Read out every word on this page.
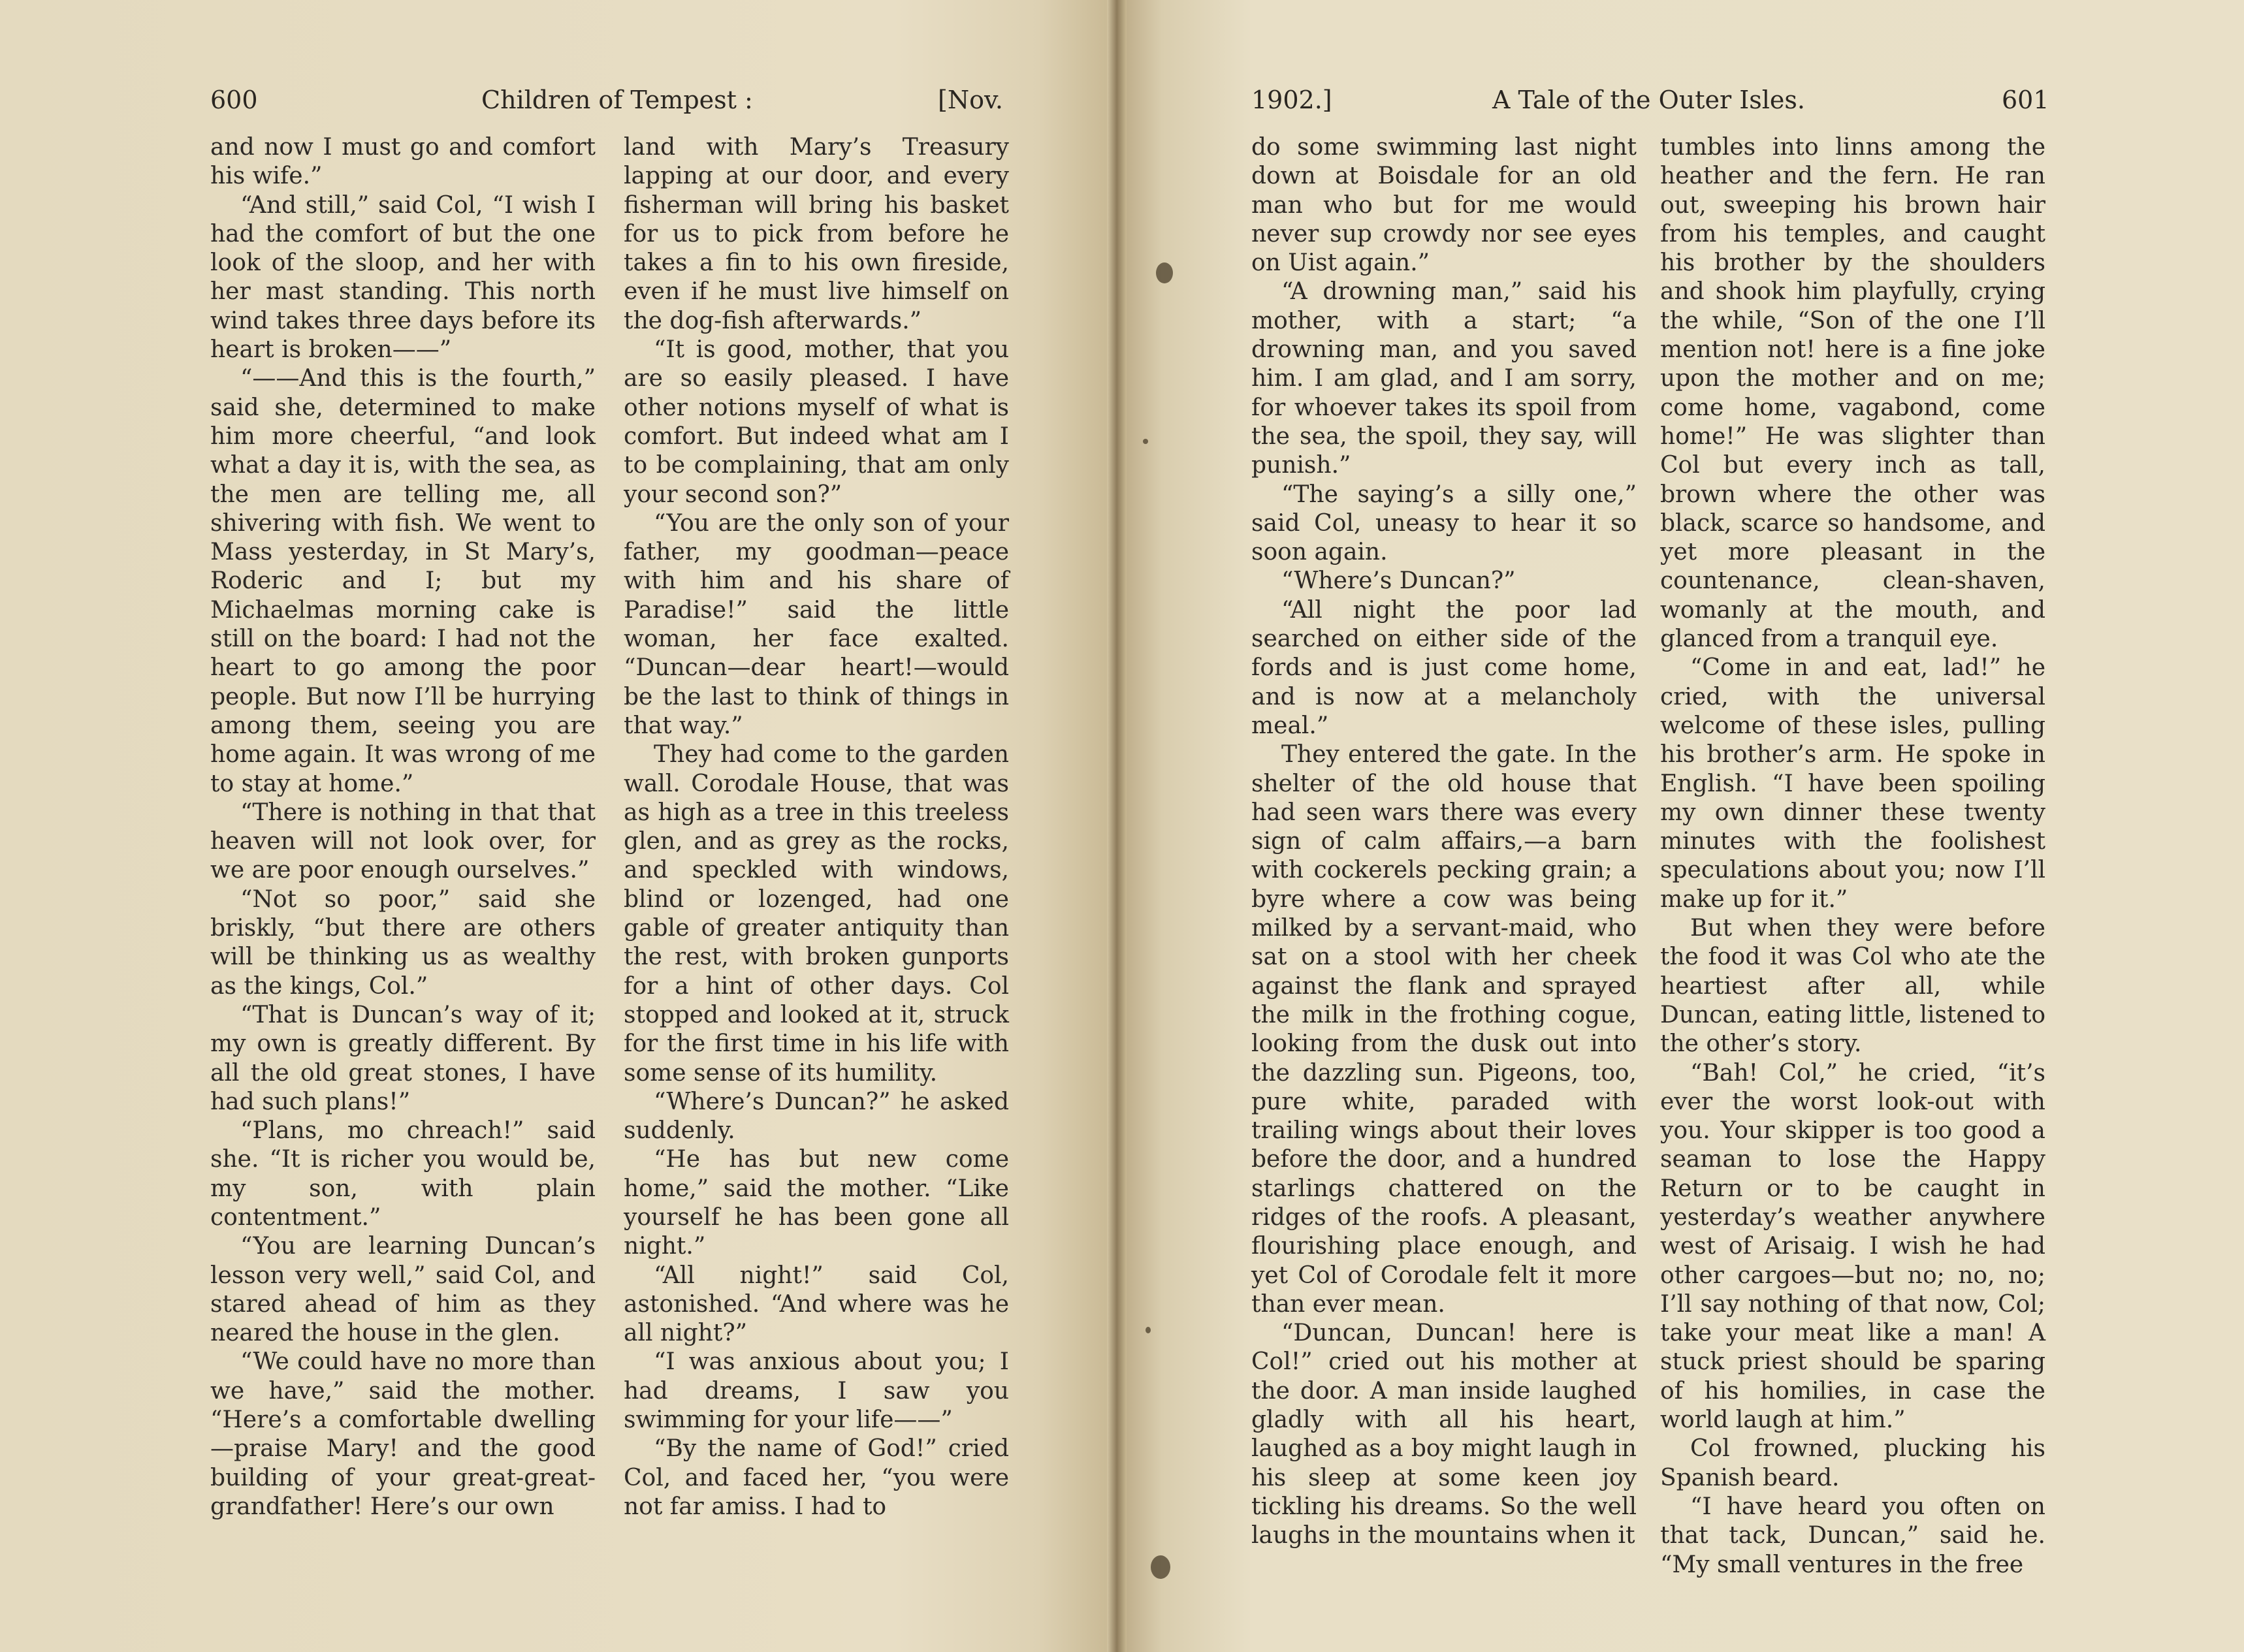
600	Children of Tempest :	[Nov.

and now I must go and comfort his wife.”

“And still,” said Col, “I wish I had the comfort of but the one look of the sloop, and her with her mast standing. This north wind takes three days before its heart is broken——”

“——And this is the fourth,” said she, determined to make him more cheerful, “and look what a day it is, with the sea, as the men are telling me, all shivering with fish. We went to Mass yesterday, in St Mary’s, Roderic and I; but my Michaelmas morning cake is still on the board: I had not the heart to go among the poor people. But now I’ll be hurrying among them, seeing you are home again. It was wrong of me to stay at home.”

“There is nothing in that that heaven will not look over, for we are poor enough ourselves.”

“Not so poor,” said she briskly, “but there are others will be thinking us as wealthy as the kings, Col.”

“That is Duncan’s way of it; my own is greatly different. By all the old great stones, I have had such plans!”

“Plans, mo chreach!” said she. “It is richer you would be, my son, with plain contentment.”

“You are learning Duncan’s lesson very well,” said Col, and stared ahead of him as they neared the house in the glen.

“We could have no more than we have,” said the mother. “Here’s a comfortable dwelling —praise Mary! and the good building of your great-great-grandfather! Here’s our own

land with Mary’s Treasury lapping at our door, and every fisherman will bring his basket for us to pick from before he takes a fin to his own fireside, even if he must live himself on the dog-fish afterwards.”

“It is good, mother, that you are so easily pleased. I have other notions myself of what is comfort. But indeed what am I to be complaining, that am only your second son?”

“You are the only son of your father, my goodman—peace with him and his share of Paradise!” said the little woman, her face exalted. “Duncan—dear heart!—would be the last to think of things in that way.”

They had come to the garden wall. Corodale House, that was as high as a tree in this treeless glen, and as grey as the rocks, and speckled with windows, blind or lozenged, had one gable of greater antiquity than the rest, with broken gunports for a hint of other days. Col stopped and looked at it, struck for the first time in his life with some sense of its humility.

“Where’s Duncan?” he asked suddenly.

“He has but new come home,” said the mother. “Like yourself he has been gone all night.”

“All night!” said Col, astonished. “And where was he all night?”

“I was anxious about you; I had dreams, I saw you swimming for your life——”

“By the name of God!” cried Col, and faced her, “you were not far amiss. I had to

1902.]	A Tale of the Outer Isles.	601

do some swimming last night down at Boisdale for an old man who but for me would never sup crowdy nor see eyes on Uist again.”

“A drowning man,” said his mother, with a start; “a drowning man, and you saved him. I am glad, and I am sorry, for whoever takes its spoil from the sea, the spoil, they say, will punish.”

“The saying’s a silly one,” said Col, uneasy to hear it so soon again.

“Where’s Duncan?”

“All night the poor lad searched on either side of the fords and is just come home, and is now at a melancholy meal.”

They entered the gate. In the shelter of the old house that had seen wars there was every sign of calm affairs,—a barn with cockerels pecking grain; a byre where a cow was being milked by a servant-maid, who sat on a stool with her cheek against the flank and sprayed the milk in the frothing cogue, looking from the dusk out into the dazzling sun. Pigeons, too, pure white, paraded with trailing wings about their loves before the door, and a hundred starlings chattered on the ridges of the roofs. A pleasant, flourishing place enough, and yet Col of Corodale felt it more than ever mean.

“Duncan, Duncan! here is Col!” cried out his mother at the door. A man inside laughed gladly with all his heart, laughed as a boy might laugh in his sleep at some keen joy tickling his dreams. So the well laughs in the mountains when it

tumbles into linns among the heather and the fern. He ran out, sweeping his brown hair from his temples, and caught his brother by the shoulders and shook him playfully, crying the while, “Son of the one I’ll mention not! here is a fine joke upon the mother and on me; come home, vagabond, come home!” He was slighter than Col but every inch as tall, brown where the other was black, scarce so handsome, and yet more pleasant in the countenance, clean-shaven, womanly at the mouth, and glanced from a tranquil eye.

“Come in and eat, lad!” he cried, with the universal welcome of these isles, pulling his brother’s arm. He spoke in English. “I have been spoiling my own dinner these twenty minutes with the foolishest speculations about you; now I’ll make up for it.”

But when they were before the food it was Col who ate the heartiest after all, while Duncan, eating little, listened to the other’s story.

“Bah! Col,” he cried, “it’s ever the worst look-out with you. Your skipper is too good a seaman to lose the Happy Return or to be caught in yesterday’s weather anywhere west of Arisaig. I wish he had other cargoes—but no; no, no; I’ll say nothing of that now, Col; take your meat like a man! A stuck priest should be sparing of his homilies, in case the world laugh at him.”

Col frowned, plucking his Spanish beard.

“I have heard you often on that tack, Duncan,” said he. “My small ventures in the free
